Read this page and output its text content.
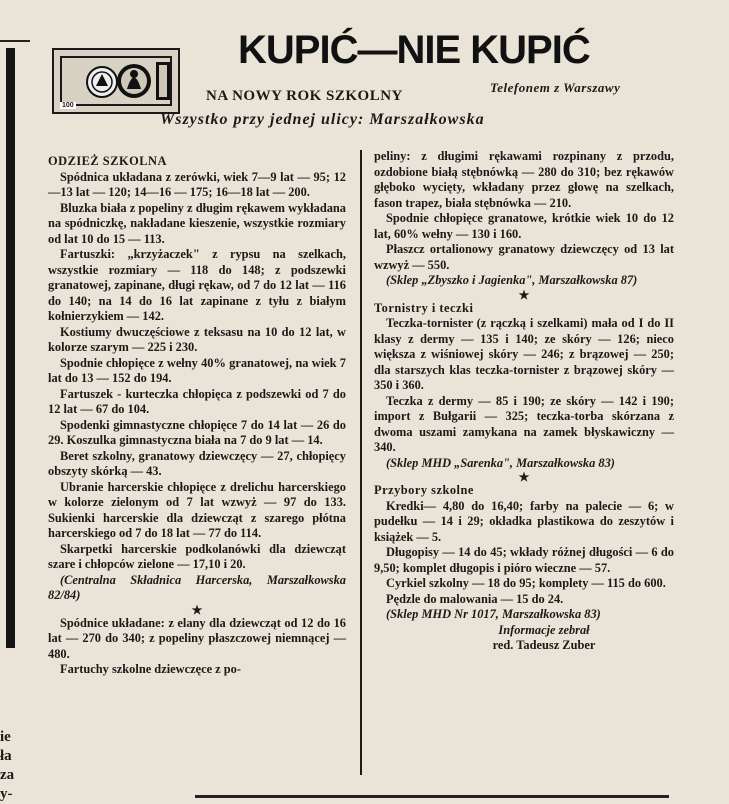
100
KUPIĆ—NIE KUPIĆ
NA NOWY ROK SZKOLNY
Telefonem z Warszawy
Wszystko przy jednej ulicy: Marszałkowska

ODZIEŻ SZKOLNA

Spódnica układana z zerówki, wiek 7—9 lat — 95; 12—13 lat — 120; 14—16 — 175; 16—18 lat — 200.

Bluzka biała z popeliny z długim rękawem wykładana na spódniczkę, nakładane kieszenie, wszystkie rozmiary od lat 10 do 15 — 113.

Fartuszki: „krzyżaczek" z rypsu na szelkach, wszystkie rozmiary — 118 do 148; z podszewki granatowej, zapinane, długi rękaw, od 7 do 12 lat — 116 do 140; na 14 do 16 lat zapinane z tyłu z białym kołnierzykiem — 142.

Kostiumy dwuczęściowe z teksasu na 10 do 12 lat, w kolorze szarym — 225 i 230.

Spodnie chłopięce z wełny 40% granatowej, na wiek 7 lat do 13 — 152 do 194.

Fartuszek - kurteczka chłopięca z podszewki od 7 do 12 lat — 67 do 104.

Spodenki gimnastyczne chłopięce 7 do 14 lat — 26 do 29. Koszulka gimnastyczna biała na 7 do 9 lat — 14.

Beret szkolny, granatowy dziewczęcy — 27, chłopięcy obszyty skórką — 43.

Ubranie harcerskie chłopięce z drelichu harcerskiego w kolorze zielonym od 7 lat wzwyż — 97 do 133. Sukienki harcerskie dla dziewcząt z szarego płótna harcerskiego od 7 do 18 lat — 77 do 114.

Skarpetki harcerskie podkolanówki dla dziewcząt szare i chłopców zielone — 17,10 i 20.

(Centralna Składnica Harcerska, Marszałkowska 82/84)

★

Spódnice układane: z elany dla dziewcząt od 12 do 16 lat — 270 do 340; z popeliny płaszczowej niemnącej — 480.

Fartuchy szkolne dziewczęce z po-

peliny: z długimi rękawami rozpinany z przodu, ozdobione białą stębnówką — 280 do 310; bez rękawów głęboko wycięty, wkładany przez głowę na szelkach, fason trapez, biała stębnówka — 210.

Spodnie chłopięce granatowe, krótkie wiek 10 do 12 lat, 60% wełny — 130 i 160.

Płaszcz ortalionowy granatowy dziewczęcy od 13 lat wzwyż — 550.

(Sklep „Zbyszko i Jagienka", Marszałkowska 87)

★

Tornistry i teczki

Teczka-tornister (z rączką i szelkami) mała od I do II klasy z dermy — 135 i 140; ze skóry — 126; nieco większa z wiśniowej skóry — 246; z brązowej — 250; dla starszych klas teczka-tornister z brązowej skóry — 350 i 360.

Teczka z dermy — 85 i 190; ze skóry — 142 i 190; import z Bułgarii — 325; teczka-torba skórzana z dwoma uszami zamykana na zamek błyskawiczny — 340.

(Sklep MHD „Sarenka", Marszałkowska 83)

★

Przybory szkolne

Kredki— 4,80 do 16,40; farby na palecie — 6; w pudełku — 14 i 29; okładka plastikowa do zeszytów i książek — 5.

Długopisy — 14 do 45; wkłady różnej długości — 6 do 9,50; komplet długopis i pióro wieczne — 57.

Cyrkiel szkolny — 18 do 95; komplety — 115 do 600.

Pędzle do malowania — 15 do 24.

(Sklep MHD Nr 1017, Marszałkowska 83)

Informacje zebrał

red. Tadeusz Zuber

ie
ła
za
y-
